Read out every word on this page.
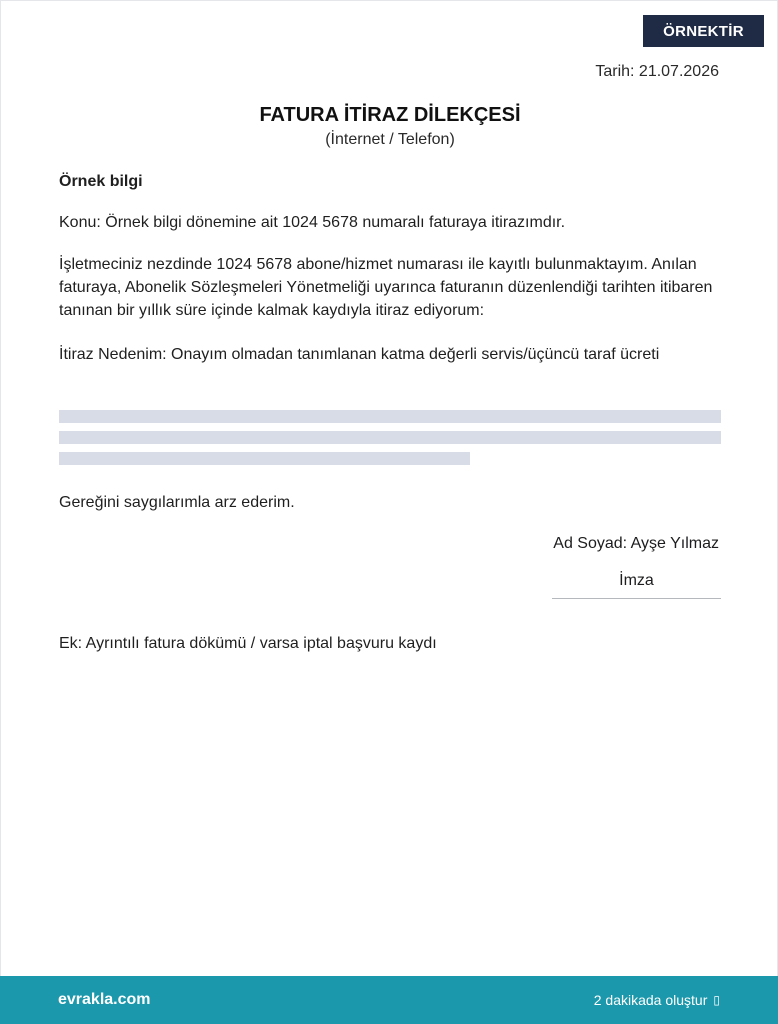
ÖRNEKTİR
Tarih: 21.07.2026
FATURA İTİRAZ DİLEKÇESİ
(İnternet / Telefon)
Örnek bilgi
Konu: Örnek bilgi dönemine ait 1024 5678 numaralı faturaya itirazımdır.
İşletmeciniz nezdinde 1024 5678 abone/hizmet numarası ile kayıtlı bulunmaktayım. Anılan faturaya, Abonelik Sözleşmeleri Yönetmeliği uyarınca faturanın düzenlendiği tarihten itibaren tanınan bir yıllık süre içinde kalmak kaydıyla itiraz ediyorum:
İtiraz Nedenim: Onayım olmadan tanımlanan katma değerli servis/üçüncü taraf ücreti
Gereğini saygılarımla arz ederim.
Ad Soyad: Ayşe Yılmaz
İmza
Ek: Ayrıntılı fatura dökümü / varsa iptal başvuru kaydı
evrakla.com	2 dakikada oluştur ▯
